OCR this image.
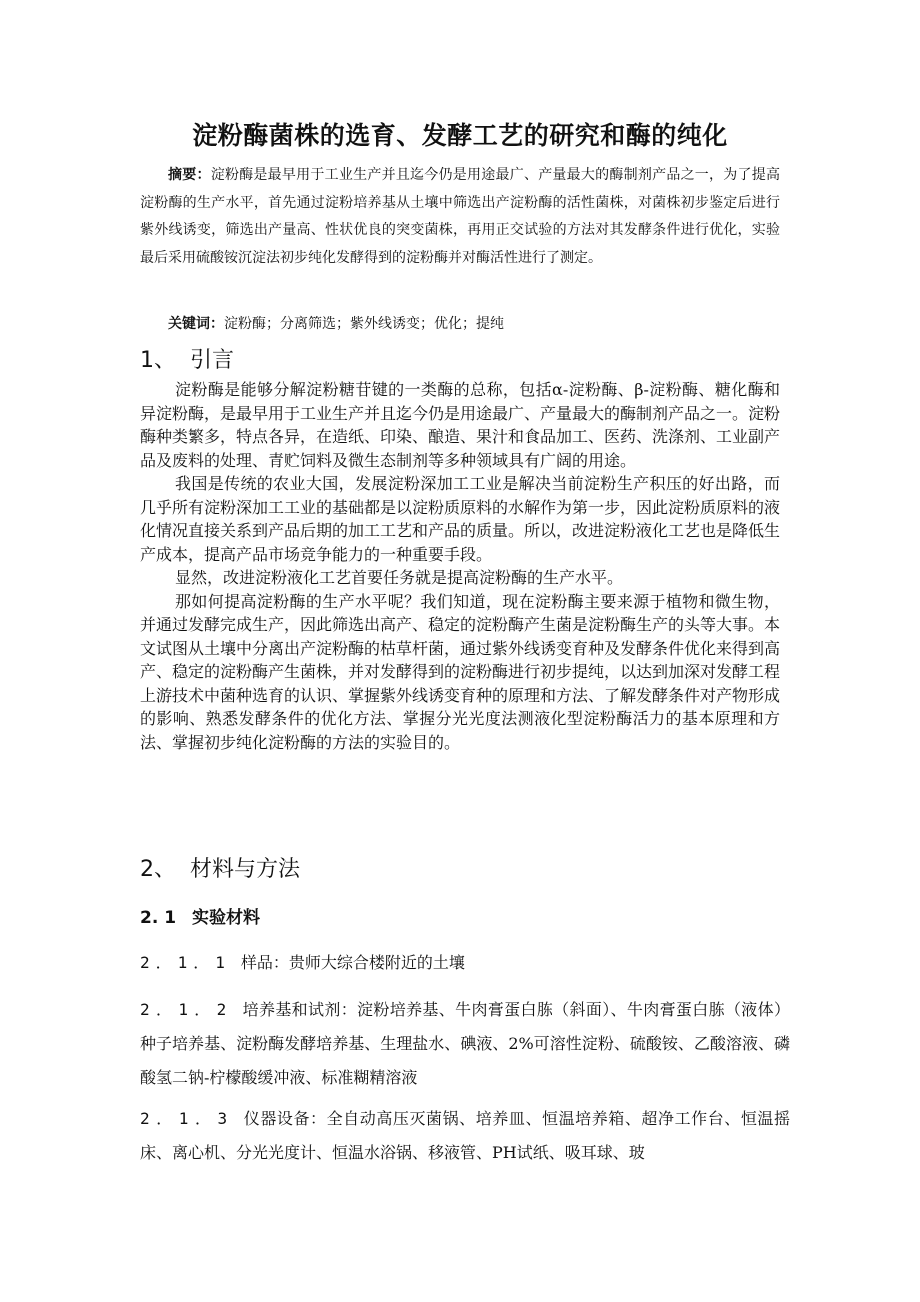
淀粉酶菌株的选育、发酵工艺的研究和酶的纯化
摘要：淀粉酶是最早用于工业生产并且迄今仍是用途最广、产量最大的酶制剂产品之一，为了提高淀粉酶的生产水平，首先通过淀粉培养基从土壤中筛选出产淀粉酶的活性菌株，对菌株初步鉴定后进行紫外线诱变，筛选出产量高、性状优良的突变菌株，再用正交试验的方法对其发酵条件进行优化，实验最后采用硫酸铵沉淀法初步纯化发酵得到的淀粉酶并对酶活性进行了测定。
关键词：淀粉酶；分离筛选；紫外线诱变；优化；提纯
1、 引言

淀粉酶是能够分解淀粉糖苷键的一类酶的总称，包括α-淀粉酶、β-淀粉酶、糖化酶和异淀粉酶，是最早用于工业生产并且迄今仍是用途最广、产量最大的酶制剂产品之一。淀粉酶种类繁多，特点各异，在造纸、印染、酿造、果汁和食品加工、医药、洗涤剂、工业副产品及废料的处理、青贮饲料及微生态制剂等多种领域具有广阔的用途。

我国是传统的农业大国，发展淀粉深加工工业是解决当前淀粉生产积压的好出路，而几乎所有淀粉深加工工业的基础都是以淀粉质原料的水解作为第一步，因此淀粉质原料的液化情况直接关系到产品后期的加工工艺和产品的质量。所以，改进淀粉液化工艺也是降低生产成本，提高产品市场竞争能力的一种重要手段。

显然，改进淀粉液化工艺首要任务就是提高淀粉酶的生产水平。

那如何提高淀粉酶的生产水平呢？我们知道，现在淀粉酶主要来源于植物和微生物，并通过发酵完成生产，因此筛选出高产、稳定的淀粉酶产生菌是淀粉酶生产的头等大事。本文试图从土壤中分离出产淀粉酶的枯草杆菌，通过紫外线诱变育种及发酵条件优化来得到高产、稳定的淀粉酶产生菌株，并对发酵得到的淀粉酶进行初步提纯，以达到加深对发酵工程上游技术中菌种选育的认识、掌握紫外线诱变育种的原理和方法、了解发酵条件对产物形成的影响、熟悉发酵条件的优化方法、掌握分光光度法测液化型淀粉酶活力的基本原理和方法、掌握初步纯化淀粉酶的方法的实验目的。

2、 材料与方法
2. 1 实验材料
2．1．1 样品：贵师大综合楼附近的土壤
2．1．2 培养基和试剂：淀粉培养基、牛肉膏蛋白胨（斜面）、牛肉膏蛋白胨（液体）种子培养基、淀粉酶发酵培养基、生理盐水、碘液、2%可溶性淀粉、硫酸铵、乙酸溶液、磷酸氢二钠-柠檬酸缓冲液、标准糊精溶液
2．1．3 仪器设备：全自动高压灭菌锅、培养皿、恒温培养箱、超净工作台、恒温摇床、离心机、分光光度计、恒温水浴锅、移液管、PH试纸、吸耳球、玻
